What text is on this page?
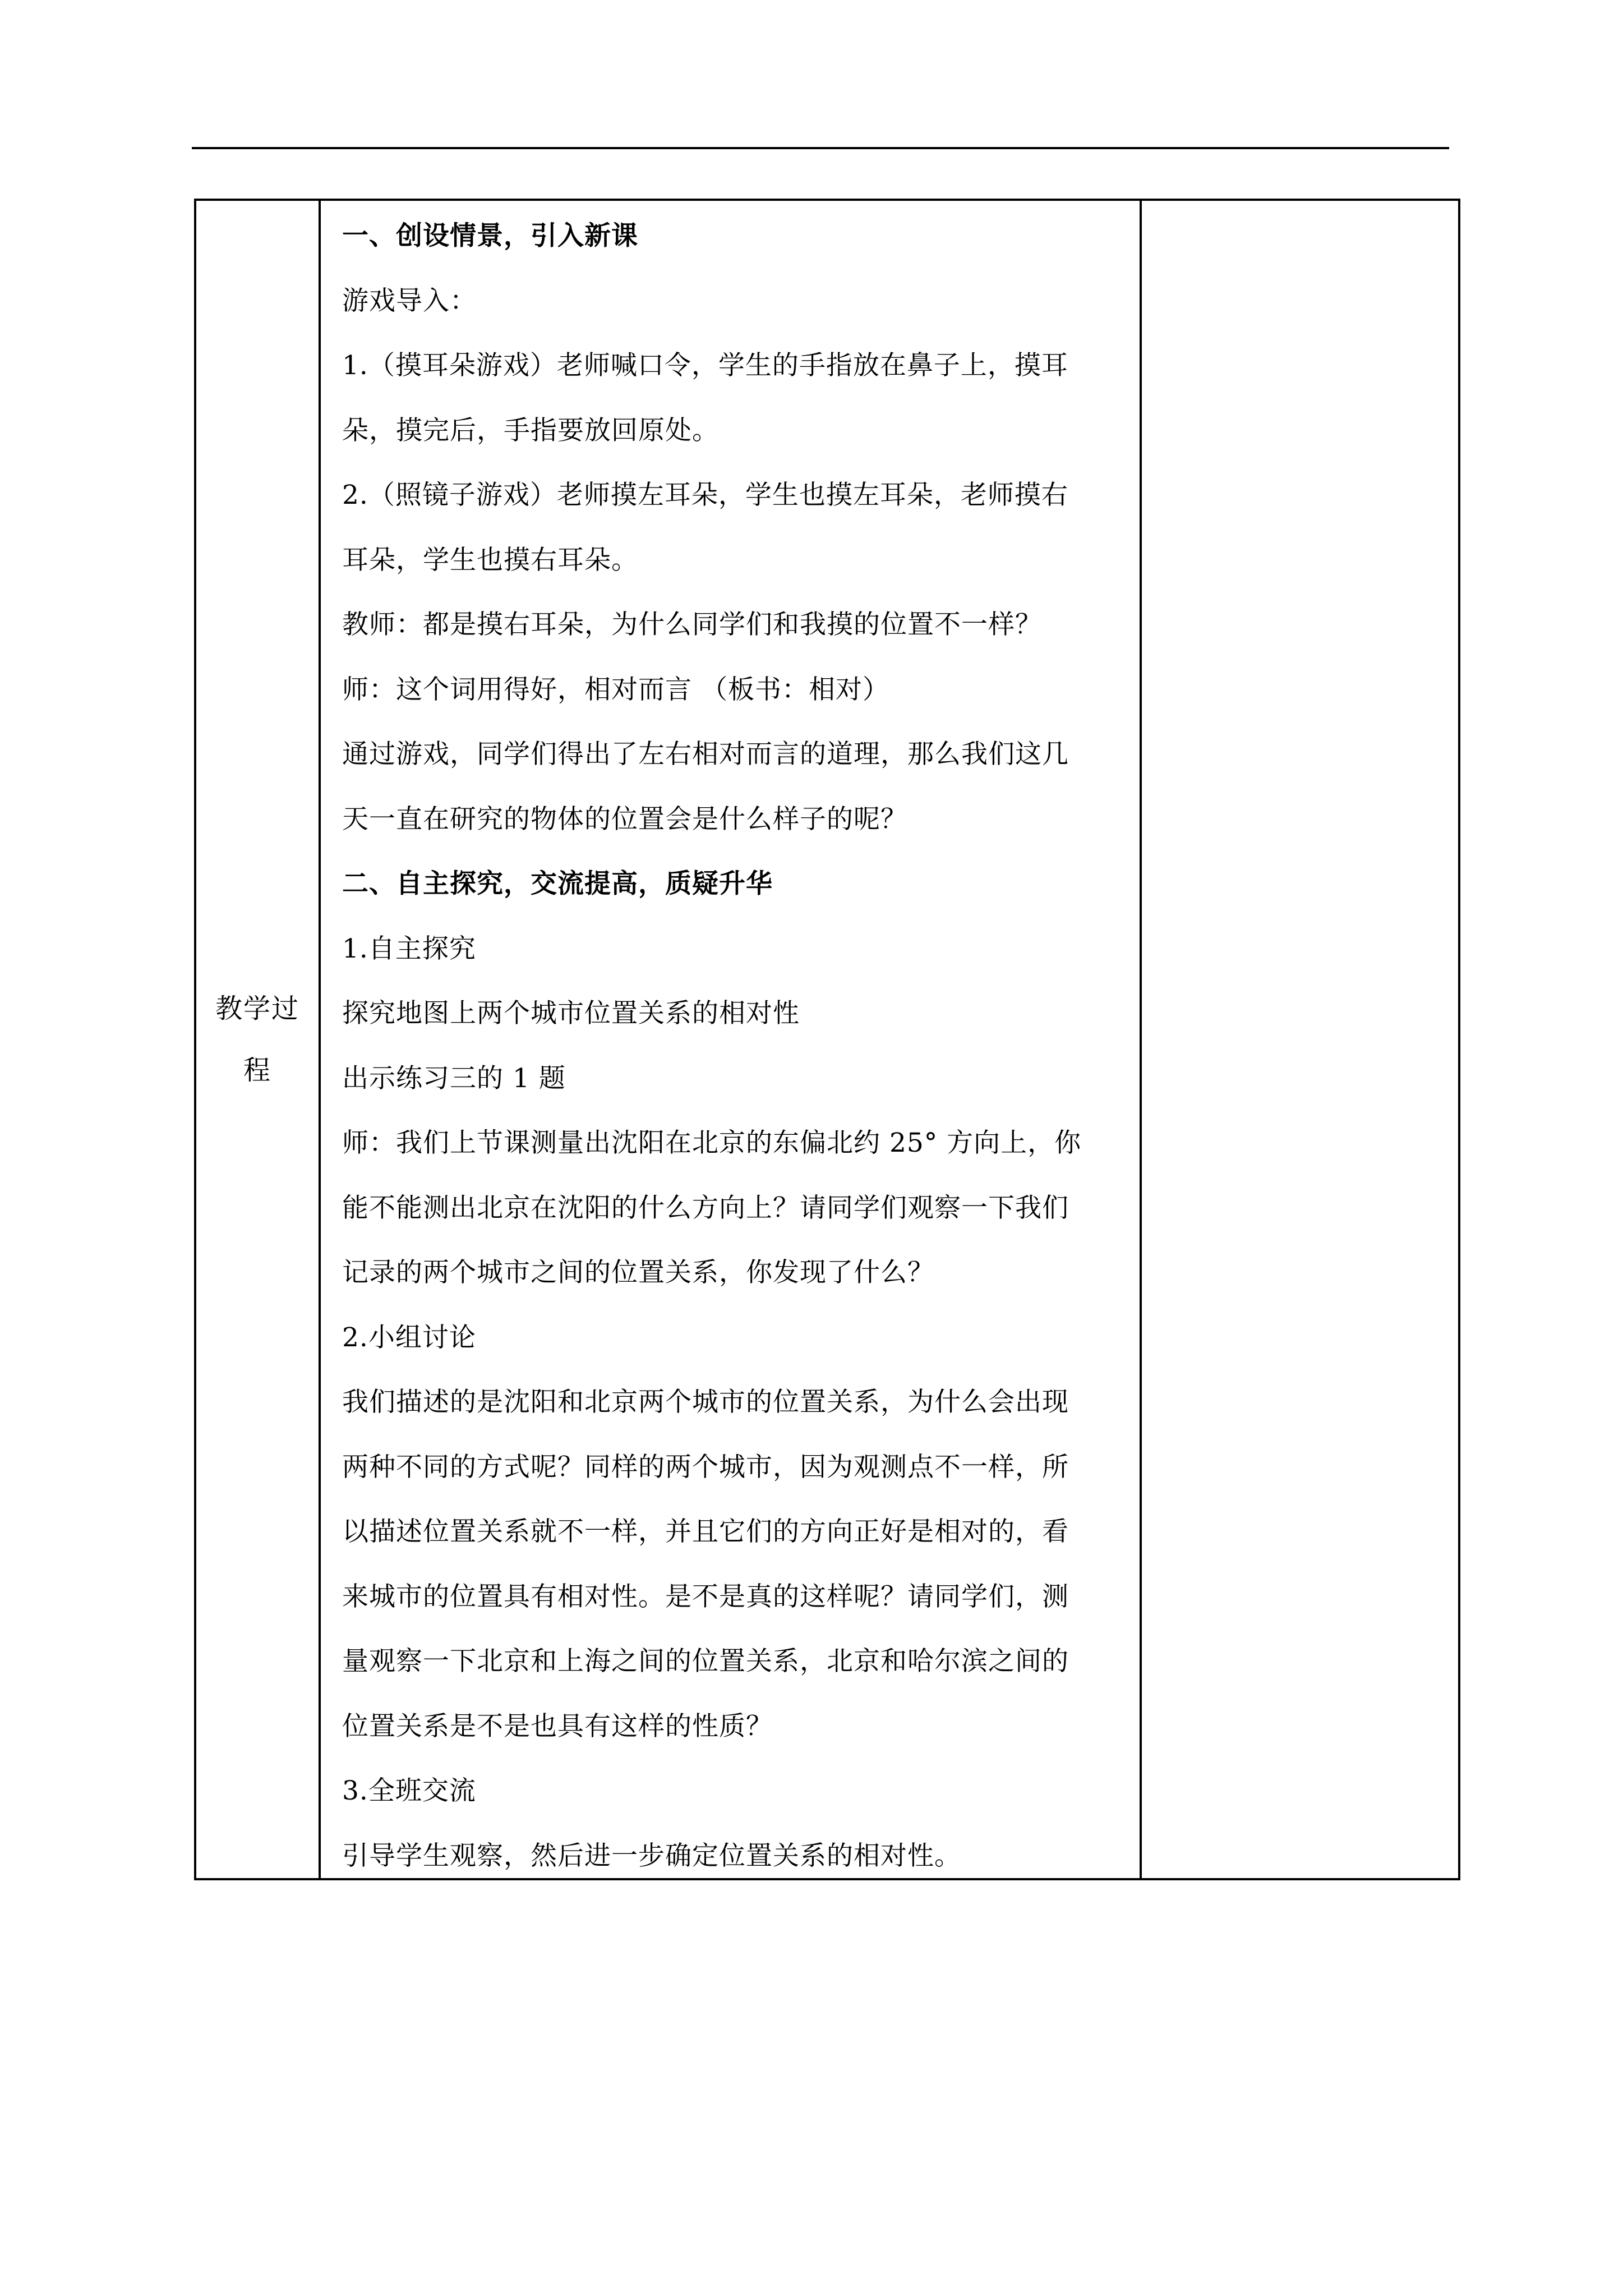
教学过程
一、创设情景，引入新课
游戏导入：
1.（摸耳朵游戏）老师喊口令，学生的手指放在鼻子上，摸耳
朵，摸完后，手指要放回原处。
2.（照镜子游戏）老师摸左耳朵，学生也摸左耳朵，老师摸右
耳朵，学生也摸右耳朵。
教师：都是摸右耳朵，为什么同学们和我摸的位置不一样？
师：这个词用得好，相对而言 （板书：相对）
通过游戏，同学们得出了左右相对而言的道理，那么我们这几
天一直在研究的物体的位置会是什么样子的呢？
二、自主探究，交流提高，质疑升华
1.自主探究
探究地图上两个城市位置关系的相对性
出示练习三的 1 题
师：我们上节课测量出沈阳在北京的东偏北约 25° 方向上，你
能不能测出北京在沈阳的什么方向上？请同学们观察一下我们
记录的两个城市之间的位置关系，你发现了什么？
2.小组讨论
我们描述的是沈阳和北京两个城市的位置关系，为什么会出现
两种不同的方式呢？同样的两个城市，因为观测点不一样，所
以描述位置关系就不一样，并且它们的方向正好是相对的，看
来城市的位置具有相对性。是不是真的这样呢？请同学们，测
量观察一下北京和上海之间的位置关系，北京和哈尔滨之间的
位置关系是不是也具有这样的性质？
3.全班交流
引导学生观察，然后进一步确定位置关系的相对性。
